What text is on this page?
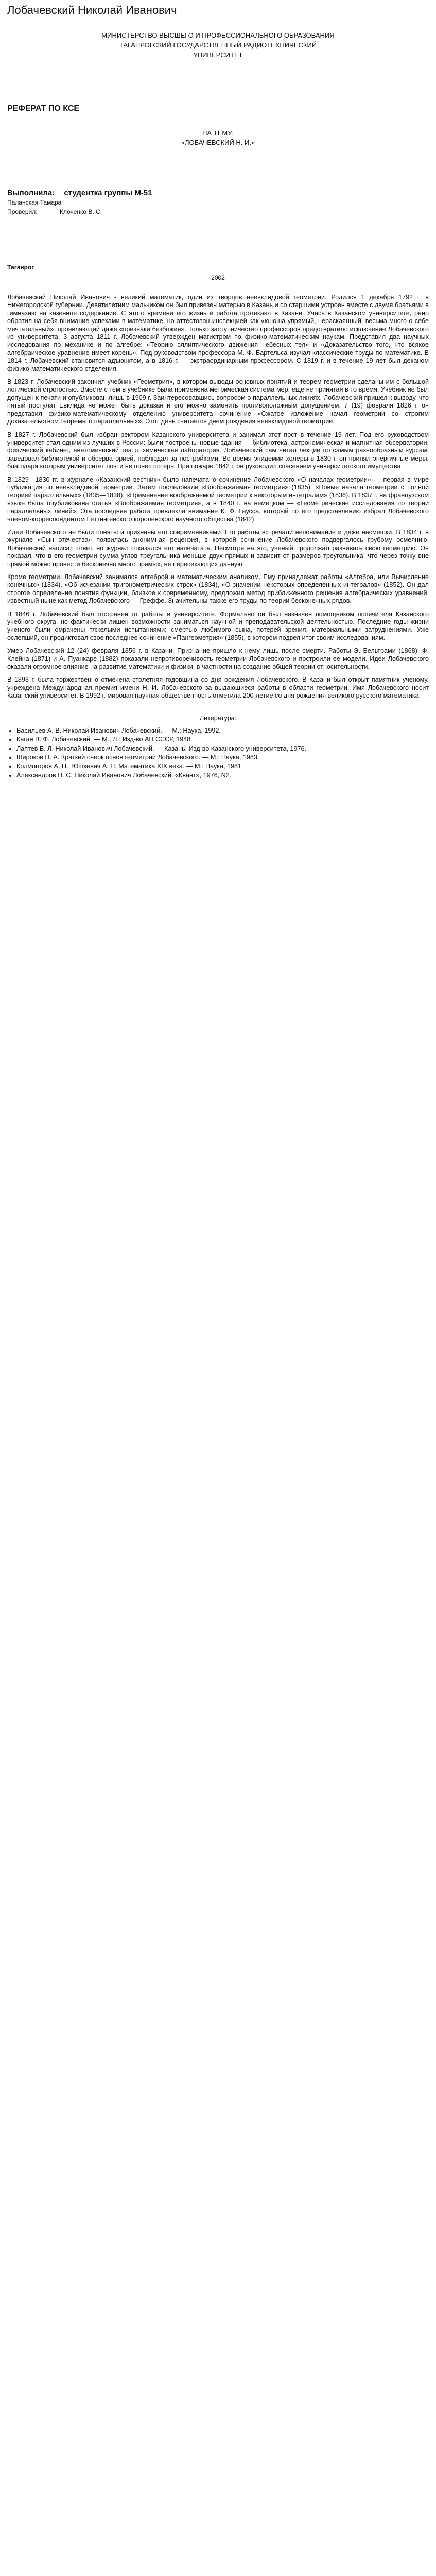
Лобачевский Николай Иванович
МИНИСТЕРСТВО ВЫСШЕГО И ПРОФЕССИОНАЛЬНОГО ОБРАЗОВАНИЯ
ТАГАНРОГСКИЙ ГОСУДАРСТВЕННЫЙ РАДИОТЕХНИЧЕСКИЙ
УНИВЕРСИТЕТ
РЕФЕРАТ ПО КСЕ
НА ТЕМУ:
«ЛОБАЧЕВСКИЙ Н. И.»
Выполнила: студентка группы М-51
Паланская Тамара
Проверил:	Клоченко В. С.
Таганрог
2002

Лобачевский Николай Иванович - великий математик, один из творцов неевклидовой геометрии. Родился 1 декабря 1792 г. в Нижегородской губернии. Девятилетним мальчиком он был привезен матерью в Казань и со старшими устроен вместе с двумя братьями в гимназию на казенное содержание. С этого времени его жизнь и работа протекают в Казани. Учась в Казанском университете, рано обратил на себя внимание успехами в математике, но аттестован инспекцией как «юноша упрямый, нераскаянный, весьма много о себе мечтательный», проявляющий даже «признаки безбожия». Только заступничество профессоров предотвратило исключение Лобачевского из университета. 3 августа 1811 г. Лобачевский утвержден магистром по физико-математическим наукам. Представил два научных исследования по механике и по алгебре: «Теорию эллиптического движения небесных тел» и «Доказательство того, что всякое алгебраическое уравнение имеет корень». Под руководством профессора М. Ф. Бартельса изучал классические труды по математике. В 1814 г. Лобачевский становится адъюнктом, а в 1816 г. — экстраординарным профессором. С 1819 г. и в течение 19 лет был деканом физико-математического отделения.

В 1823 г. Лобачевский закончил учебник «Геометрия», в котором выводы основных понятий и теорем геометрии сделаны им с большой логической строгостью. Вместе с тем в учебнике была применена метрическая система мер, еще не принятая в то время. Учебник не был допущен к печати и опубликован лишь в 1909 г. Заинтересовавшись вопросом о параллельных линиях, Лобачевский пришел к выводу, что пятый постулат Евклида не может быть доказан и его можно заменить противоположным допущением. 7 (19) февраля 1826 г. он представил физико-математическому отделению университета сочинение «Сжатое изложение начал геометрии со строгим доказательством теоремы о параллельных». Этот день считается днем рождения неевклидовой геометрии.

В 1827 г. Лобачевский был избран ректором Казанского университета и занимал этот пост в течение 19 лет. Под его руководством университет стал одним из лучших в России: были построены новые здания — библиотека, астрономическая и магнитная обсерватории, физический кабинет, анатомический театр, химическая лаборатория. Лобачевский сам читал лекции по самым разнообразным курсам, заведовал библиотекой и обсерваторией, наблюдал за постройками. Во время эпидемии холеры в 1830 г. он принял энергичные меры, благодаря которым университет почти не понес потерь. При пожаре 1842 г. он руководил спасением университетского имущества.

В 1829—1830 гг. в журнале «Казанский вестник» было напечатано сочинение Лобачевского «О началах геометрии» — первая в мире публикация по неевклидовой геометрии. Затем последовали «Воображаемая геометрия» (1835), «Новые начала геометрии с полной теорией параллельных» (1835—1838), «Применение воображаемой геометрии к некоторым интегралам» (1836). В 1837 г. на французском языке была опубликована статья «Воображаемая геометрия», а в 1840 г. на немецком — «Геометрические исследования по теории параллельных линий». Эта последняя работа привлекла внимание К. Ф. Гаусса, который по его представлению избрал Лобачевского членом-корреспондентом Гёттингенского королевского научного общества (1842).

Идеи Лобачевского не были поняты и признаны его современниками. Его работы встречали непонимание и даже насмешки. В 1834 г. в журнале «Сын отечества» появилась анонимная рецензия, в которой сочинение Лобачевского подвергалось грубому осмеянию. Лобачевский написал ответ, но журнал отказался его напечатать. Несмотря на это, ученый продолжал развивать свою геометрию. Он показал, что в его геометрии сумма углов треугольника меньше двух прямых и зависит от размеров треугольника, что через точку вне прямой можно провести бесконечно много прямых, не пересекающих данную.

Кроме геометрии, Лобачевский занимался алгеброй и математическим анализом. Ему принадлежат работы «Алгебра, или Вычисление конечных» (1834), «Об исчезании тригонометрических строк» (1834), «О значении некоторых определенных интегралов» (1852). Он дал строгое определение понятия функции, близкое к современному, предложил метод приближенного решения алгебраических уравнений, известный ныне как метод Лобачевского — Греффе. Значительны также его труды по теории бесконечных рядов.

В 1846 г. Лобачевский был отстранен от работы в университете. Формально он был назначен помощником попечителя Казанского учебного округа, но фактически лишен возможности заниматься научной и преподавательской деятельностью. Последние годы жизни ученого были омрачены тяжелыми испытаниями: смертью любимого сына, потерей зрения, материальными затруднениями. Уже ослепший, он продиктовал свое последнее сочинение «Пангеометрия» (1855), в котором подвел итог своим исследованиям.

Умер Лобачевский 12 (24) февраля 1856 г. в Казани. Признание пришло к нему лишь после смерти. Работы Э. Бельтрами (1868), Ф. Клейна (1871) и А. Пуанкаре (1882) показали непротиворечивость геометрии Лобачевского и построили ее модели. Идеи Лобачевского оказали огромное влияние на развитие математики и физики, в частности на создание общей теории относительности.

В 1893 г. была торжественно отмечена столетняя годовщина со дня рождения Лобачевского. В Казани был открыт памятник ученому, учреждена Международная премия имени Н. И. Лобачевского за выдающиеся работы в области геометрии. Имя Лобачевского носит Казанский университет. В 1992 г. мировая научная общественность отметила 200-летие со дня рождения великого русского математика.

Литература:
• Васильев А. В. Николай Иванович Лобачевский. — М.: Наука, 1992.
• Каган В. Ф. Лобачевский. — М.; Л.: Изд-во АН СССР, 1948.
• Лаптев Б. Л. Николай Иванович Лобачевский. — Казань: Изд-во Казанского университета, 1976.
• Широков П. А. Краткий очерк основ геометрии Лобачевского. — М.: Наука, 1983.
• Колмогоров А. Н., Юшкевич А. П. Математика XIX века. — М.: Наука, 1981.
• Александров П. С. Николай Иванович Лобачевский. «Квант», 1976, N2.
